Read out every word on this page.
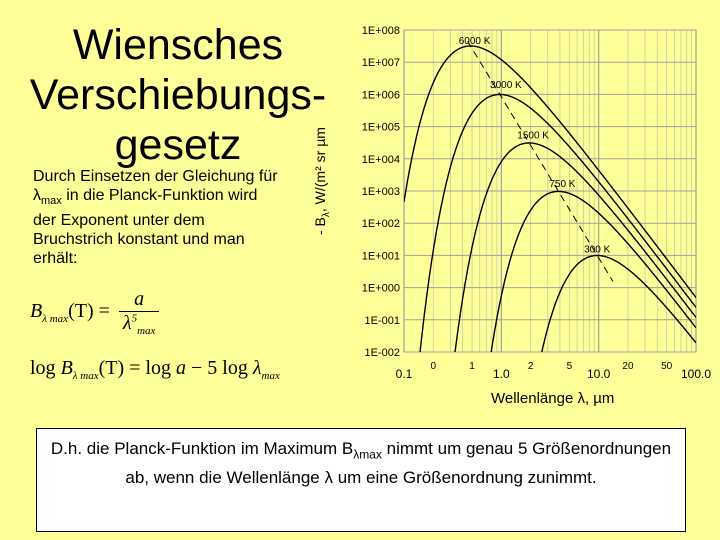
Wiensches
Verschiebungs-
gesetz
Durch Einsetzen der Gleichung für
$\lambda_{max}$ in die Planck-Funktion wird
der Exponent unter dem
Bruchstrich konstant und man
erhält:
$B_{\lambda max}(T) = \frac{a}{\lambda^5_{max}}$
$\log B_{\lambda max}(T) = \log a - 5$ $\log \lambda_{max}$
1E+008
1E+007
1E+006
1E+005
1E+004
1E+003
1E+002
1E+001
1E+000
1E-001
1E-002
0.1	1.0	10.0	100.0
0	1	2	5	20	50
6000 K
3000 K
1500 K
750 K
300 K
- $B_\lambda$, W/(m² sr µm
Wellenlänge λ, µm
D.h. die Planck-Funktion im Maximum $B_{\lambda max}$ nimmt um genau 5 Größenordnungen ab, wenn die Wellenlänge λ um eine Größenordnung zunimmt.
